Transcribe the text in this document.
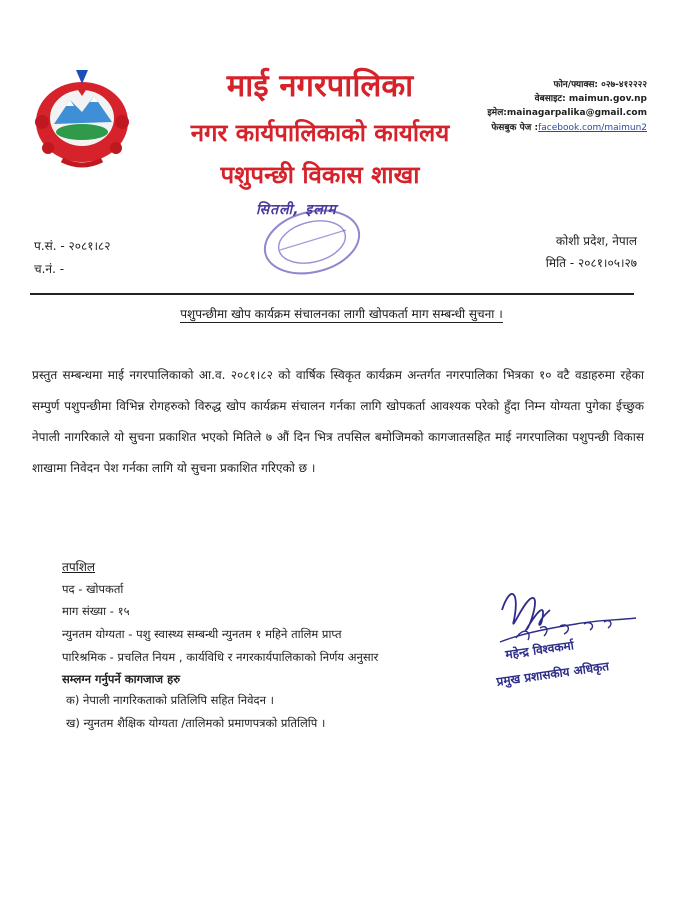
माई नगरपालिका
नगर कार्यपालिकाको कार्यालय
पशुपन्छी विकास शाखा
सितली, इलाम
फोन/फ्याक्स: ०२७-४१२२२२
वेबसाइट: maimun.gov.np
इमेल:mainagarpalika@gmail.com
फेसबुक पेज :facebook.com/maimun2
प.सं. - २०८१।८२
च.नं. -
कोशी प्रदेश, नेपाल
मिति - २०८१।०५।२७
पशुपन्छीमा खोप कार्यक्रम संचालनका लागी खोपकर्ता माग सम्बन्धी सुचना ।
प्रस्तुत सम्बन्धमा माई नगरपालिकाको आ.व. २०८१।८२ को वार्षिक स्विकृत कार्यक्रम अन्तर्गत नगरपालिका भित्रका १० वटै वडाहरुमा रहेका सम्पुर्ण पशुपन्छीमा विभिन्न रोगहरुको विरुद्ध खोप कार्यक्रम संचालन गर्नका लागि खोपकर्ता आवश्यक परेको हुँदा निम्न योग्यता पुगेका ईच्छुक नेपाली नागरिकाले यो सुचना प्रकाशित भएको मितिले ७ औं दिन भित्र तपसिल बमोजिमको कागजातसहित माई नगरपालिका पशुपन्छी विकास शाखामा निवेदन पेश गर्नका लागि यो सुचना प्रकाशित गरिएको छ ।
तपशिल
पद - खोपकर्ता
माग संख्या - १५
न्युनतम योग्यता - पशु स्वास्थ्य सम्बन्धी न्युनतम १ महिने तालिम प्राप्त
पारिश्रमिक - प्रचलित नियम , कार्यविधि र नगरकार्यपालिकाको निर्णय अनुसार
सम्लग्न गर्नुपर्ने कागजाज हरु
क) नेपाली नागरिकताको प्रतिलिपि सहित निवेदन ।
ख) न्युनतम शैक्षिक योग्यता /तालिमको प्रमाणपत्रको प्रतिलिपि ।
महेन्द्र विश्वकर्मा
प्रमुख प्रशासकीय अधिकृत
